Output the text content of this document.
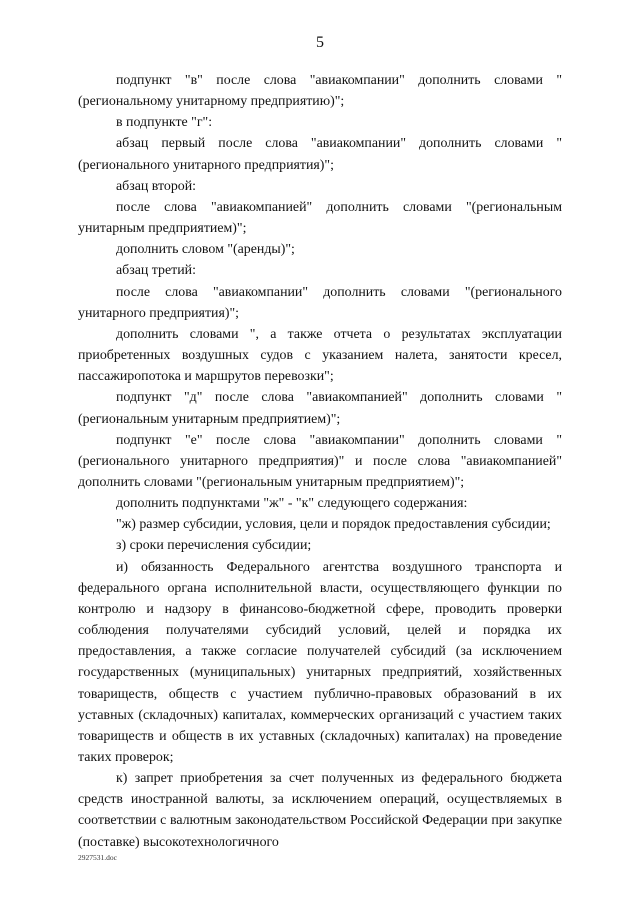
5

подпункт "в" после слова "авиакомпании" дополнить словами "(региональному унитарному предприятию)";

в подпункте "г":

абзац первый после слова "авиакомпании" дополнить словами "(регионального унитарного предприятия)";

абзац второй:

после слова "авиакомпанией" дополнить словами "(региональным унитарным предприятием)";

дополнить словом "(аренды)";

абзац третий:

после слова "авиакомпании" дополнить словами "(регионального унитарного предприятия)";

дополнить словами ", а также отчета о результатах эксплуатации приобретенных воздушных судов с указанием налета, занятости кресел, пассажиропотока и маршрутов перевозки";

подпункт "д" после слова "авиакомпанией" дополнить словами "(региональным унитарным предприятием)";

подпункт "е" после слова "авиакомпании" дополнить словами "(регионального унитарного предприятия)" и после слова "авиакомпанией" дополнить словами "(региональным унитарным предприятием)";

дополнить подпунктами "ж" - "к" следующего содержания:

"ж) размер субсидии, условия, цели и порядок предоставления субсидии;

з) сроки перечисления субсидии;

и) обязанность Федерального агентства воздушного транспорта и федерального органа исполнительной власти, осуществляющего функции по контролю и надзору в финансово-бюджетной сфере, проводить проверки соблюдения получателями субсидий условий, целей и порядка их предоставления, а также согласие получателей субсидий (за исключением государственных (муниципальных) унитарных предприятий, хозяйственных товариществ, обществ с участием публично-правовых образований в их уставных (складочных) капиталах, коммерческих организаций с участием таких товариществ и обществ в их уставных (складочных) капиталах) на проведение таких проверок;

к) запрет приобретения за счет полученных из федерального бюджета средств иностранной валюты, за исключением операций, осуществляемых в соответствии с валютным законодательством Российской Федерации при закупке (поставке) высокотехнологичного

2927531.doc
